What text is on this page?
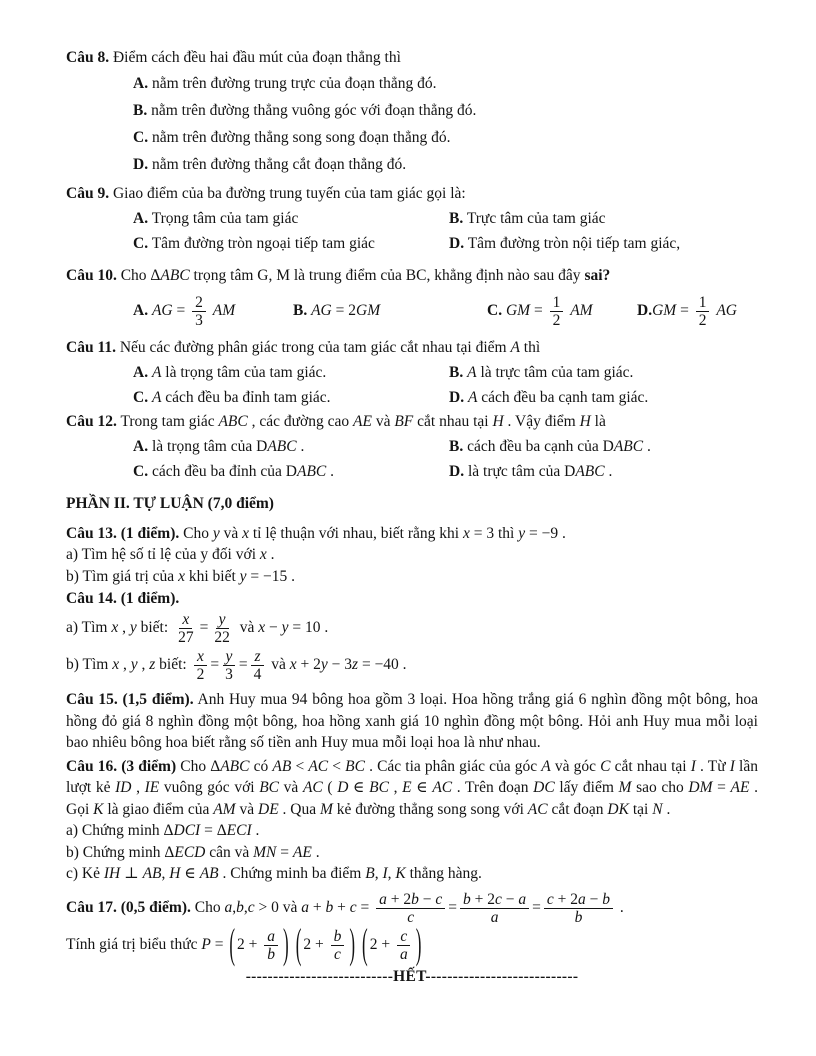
Câu 8. Điểm cách đều hai đầu mút của đoạn thẳng thì

A. nằm trên đường trung trực của đoạn thẳng đó.

B. nằm trên đường thẳng vuông góc với đoạn thẳng đó.

C. nằm trên đường thẳng song song đoạn thẳng đó.

D. nằm trên đường thẳng cắt đoạn thẳng đó.

Câu 9. Giao điểm của ba đường trung tuyến của tam giác gọi là:

A. Trọng tâm của tam giác	B. Trực tâm của tam giác

C. Tâm đường tròn ngoại tiếp tam giác	D. Tâm đường tròn nội tiếp tam giác,

Câu 10. Cho ΔABC trọng tâm G, M là trung điểm của BC, khẳng định nào sau đây sai?

A. AG = $\frac{2}{3}$ AM	B. AG = 2GM	C. GM = $\frac{1}{2}$ AM	$D.GM = \frac{1}{2}$ AG

Câu 11. Nếu các đường phân giác trong của tam giác cắt nhau tại điểm A thì

A. A là trọng tâm của tam giác.	B. A là trực tâm của tam giác.

C. A cách đều ba đỉnh tam giác.	D. A cách đều ba cạnh tam giác.

Câu 12. Trong tam giác ABC , các đường cao AE và BF cắt nhau tại H . Vậy điểm H là

A. là trọng tâm của DABC .	B. cách đều ba cạnh của DABC .

C. cách đều ba đỉnh của DABC .	D. là trực tâm của DABC .

PHẦN II. TỰ LUẬN (7,0 điểm)

Câu 13. (1 điểm). Cho y và x tỉ lệ thuận với nhau, biết rằng khi x = 3 thì y = −9 .

a) Tìm hệ số tỉ lệ của y đối với x .

b) Tìm giá trị của x khi biết y = −15 .

Câu 14. (1 điểm).

a) Tìm x , y biết: $\frac{x}{27} = \frac{y}{22}$ và x − y = 10 .

b) Tìm x , y , z biết: $\frac{x}{2} = \frac{y}{3} = \frac{z}{4}$ và x + 2y − 3z = −40 .

Câu 15. (1,5 điểm). Anh Huy mua 94 bông hoa gồm 3 loại. Hoa hồng trắng giá 6 nghìn đồng một bông, hoa hồng đỏ giá 8 nghìn đồng một bông, hoa hồng xanh giá 10 nghìn đồng một bông. Hỏi anh Huy mua mỗi loại bao nhiêu bông hoa biết rằng số tiền anh Huy mua mỗi loại hoa là như nhau.

Câu 16. (3 điểm) Cho ΔABC có AB < AC < BC . Các tia phân giác của góc A và góc C cắt nhau tại I . Từ I lần lượt kẻ ID , IE vuông góc với BC và AC ( D ∈ BC , E ∈ AC . Trên đoạn DC lấy điểm M sao cho DM = AE . Gọi K là giao điểm của AM và DE . Qua M kẻ đường thẳng song song với AC cắt đoạn DK tại N .

a) Chứng minh ΔDCI = ΔECI .

b) Chứng minh ΔECD cân và MN = AE .

c) Kẻ IH ⊥ AB, H ∈ AB . Chứng minh ba điểm B, I, K thẳng hàng.

Câu 17. (0,5 điểm). Cho a,b,c > 0 và $a + b + c = \frac{a + 2b - c}{c} = \frac{b + 2c - a}{a} = \frac{c + 2a - b}{b}$ .

Tính giá trị biểu thức P = ( $2 + \frac{a}{b}$ ) ( $2 + \frac{b}{c}$ ) ( $2 + \frac{c}{a}$ )

---------------------------HẾT----------------------------
